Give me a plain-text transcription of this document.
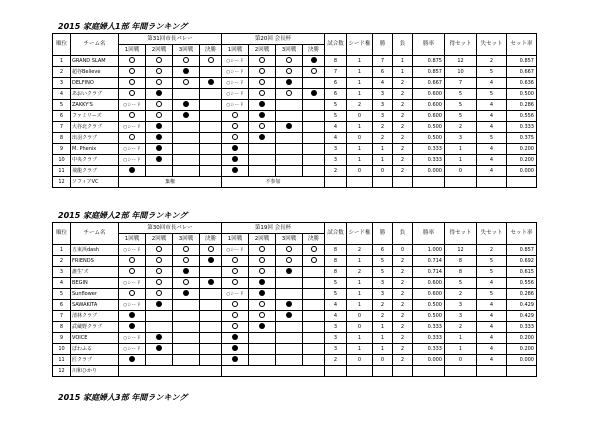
2015 家庭婦人1部 年間ランキング
順位	チーム名	第31回市長バレー				第20回 会長杯				試合数	シード権	勝	負	勝率	得セット	失セット	セット率
		1回戦	2回戦	3回戦	決勝	1回戦	2回戦	3回戦	決勝								
1	GRAND SLAM					○シード				8	1	7	1	0.875	12	2	0.857
2	超谷Believe					○シード				7	1	6	1	0.857	10	5	0.667
3	DELFINO					○シード				6	1	4	2	0.667	7	4	0.636
4	あおいクラブ					○シード				6	1	3	2	0.600	5	5	0.500
5	ZAKKY'S	○シード				○シード				5	2	3	2	0.600	5	4	0.286
6	ファミリーズ									5	0	3	2	0.600	5	4	0.556
7	大谷北クラブ	○シード								4	1	2	2	0.500	2	4	0.333
8	出羽クラブ									4	0	2	2	0.500	3	5	0.375
9	M. Phenix	○シード								3	1	1	2	0.333	1	4	0.200
10	中央クラブ	○シード								3	1	1	2	0.333	1	4	0.200
11	飛龍クラブ									2	0	0	2	0.000	0	4	0.000
12	ソフィアVC	棄権				不参加											
2015 家庭婦人2部 年間ランキング
順位	チーム名	第30回市長バレー				第19回 会長杯				試合数	シード権	勝	負	勝率	得セット	失セット	セット率
		1回戦	2回戦	3回戦	決勝	1回戦	2回戦	3回戦	決勝								
1	五束浜dash	○シード				○シード				8	2	6	0	1.000	12	2	0.857
2	FRIENDS									8	1	5	2	0.714	8	5	0.692
3	誰生’ズ									8	2	5	2	0.714	8	5	0.615
4	BEGIN	○シード								5	1	3	2	0.600	5	4	0.556
5	Sunflower					○シード				5	1	3	2	0.600	2	5	0.286
6	SAWAKITA	○シード								4	1	2	2	0.500	3	4	0.429
7	清林クラブ									4	0	2	2	0.500	3	4	0.429
8	武蔵野クラブ									3	0	1	2	0.333	2	4	0.333
9	VOICE	○シード								3	1	1	2	0.333	1	4	0.200
10	ぱわふる	○シード								3	1	1	2	0.333	1	4	0.200
11	匠クラブ									2	0	0	2	0.000	0	4	0.000
12	川和ひかり																
2015 家庭婦人3部 年間ランキング
